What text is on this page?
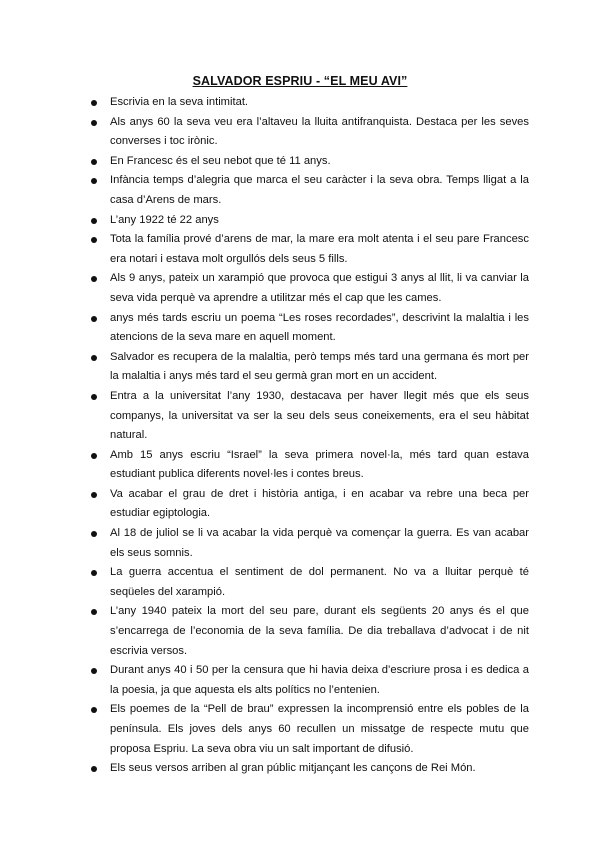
SALVADOR ESPRIU - “EL MEU AVI”
Escrivia en la seva intimitat.
Als anys 60 la seva veu era l’altaveu la lluita antifranquista. Destaca per les seves converses i toc irònic.
En Francesc és el seu nebot que té 11 anys.
Infància temps d’alegria que marca el seu caràcter i la seva obra. Temps lligat a la casa d’Arens de mars.
L’any 1922 té 22 anys
Tota la família prové d’arens de mar, la mare era molt atenta i el seu pare Francesc era notari i estava molt orgullós dels seus 5 fills.
Als 9 anys, pateix un xarampió que provoca que estigui 3 anys al llit, li va canviar la seva vida perquè va aprendre a utilitzar més el cap que les cames.
anys més tards escriu un poema “Les roses recordades”, descrivint la malaltia i les atencions de la seva mare en aquell moment.
Salvador es recupera de la malaltia, però temps més tard una germana és mort per la malaltia i anys més tard el seu germà gran mort en un accident.
Entra a la universitat l’any 1930, destacava per haver llegit més que els seus companys, la universitat va ser la seu dels seus coneixements, era el seu hàbitat natural.
Amb 15 anys escriu “Israel” la seva primera novel·la, més tard quan estava estudiant publica diferents novel·les i contes breus.
Va acabar el grau de dret i història antiga, i en acabar va rebre una beca per estudiar egiptologia.
Al 18 de juliol se li va acabar la vida perquè va començar la guerra. Es van acabar els seus somnis.
La guerra accentua el sentiment de dol permanent. No va a lluitar perquè té seqüeles del xarampió.
L’any 1940 pateix la mort del seu pare, durant els següents 20 anys és el que s’encarrega de l’economia de la seva família. De dia treballava d’advocat i de nit escrivia versos.
Durant anys 40 i 50 per la censura que hi havia deixa d’escriure prosa i es dedica a la poesia, ja que aquesta els alts polítics no l’entenien.
Els poemes de la “Pell de brau” expressen la incomprensió entre els pobles de la península. Els joves dels anys 60 recullen un missatge de respecte mutu que proposa Espriu. La seva obra viu un salt important de difusió.
Els seus versos arriben al gran públic mitjançant les cançons de Rei Món.
